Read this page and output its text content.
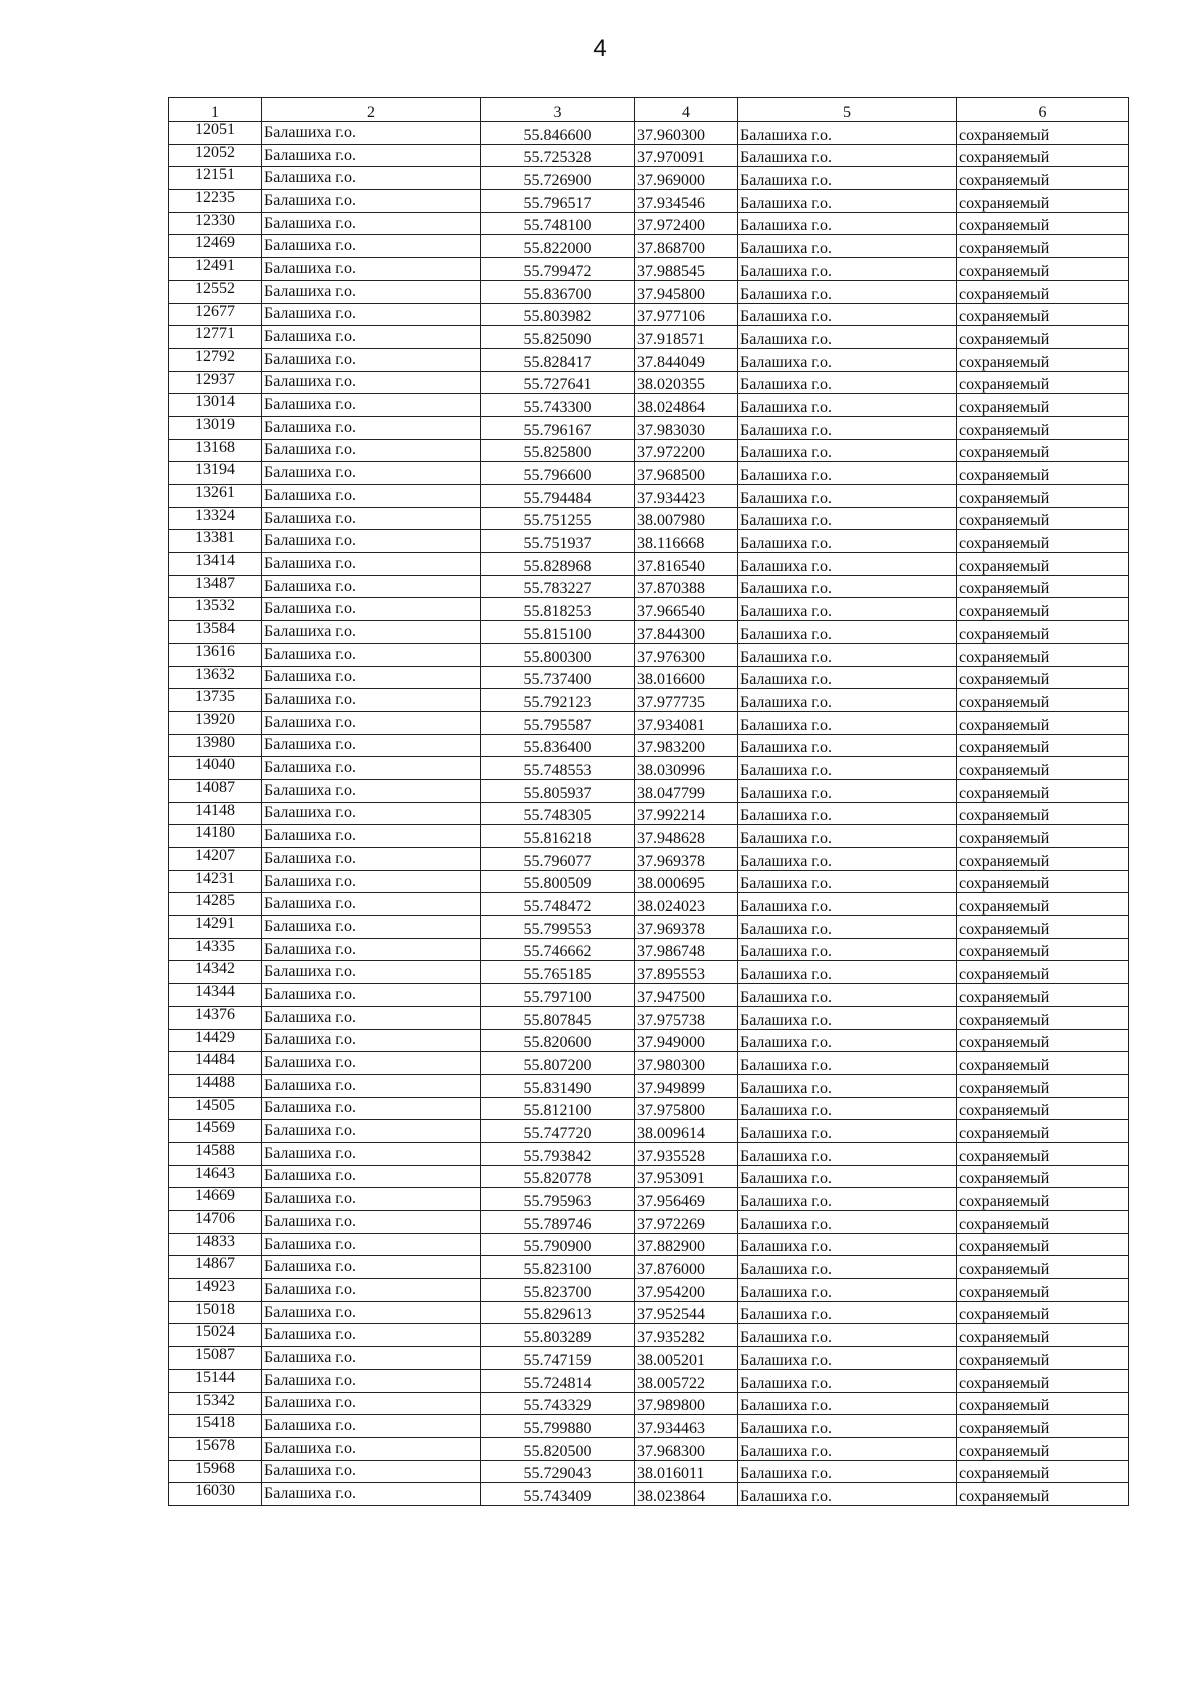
4
1	2	3	4	5	6
12051	Балашиха г.о.	55.846600	37.960300	Балашиха г.о.	сохраняемый
12052	Балашиха г.о.	55.725328	37.970091	Балашиха г.о.	сохраняемый
12151	Балашиха г.о.	55.726900	37.969000	Балашиха г.о.	сохраняемый
12235	Балашиха г.о.	55.796517	37.934546	Балашиха г.о.	сохраняемый
12330	Балашиха г.о.	55.748100	37.972400	Балашиха г.о.	сохраняемый
12469	Балашиха г.о.	55.822000	37.868700	Балашиха г.о.	сохраняемый
12491	Балашиха г.о.	55.799472	37.988545	Балашиха г.о.	сохраняемый
12552	Балашиха г.о.	55.836700	37.945800	Балашиха г.о.	сохраняемый
12677	Балашиха г.о.	55.803982	37.977106	Балашиха г.о.	сохраняемый
12771	Балашиха г.о.	55.825090	37.918571	Балашиха г.о.	сохраняемый
12792	Балашиха г.о.	55.828417	37.844049	Балашиха г.о.	сохраняемый
12937	Балашиха г.о.	55.727641	38.020355	Балашиха г.о.	сохраняемый
13014	Балашиха г.о.	55.743300	38.024864	Балашиха г.о.	сохраняемый
13019	Балашиха г.о.	55.796167	37.983030	Балашиха г.о.	сохраняемый
13168	Балашиха г.о.	55.825800	37.972200	Балашиха г.о.	сохраняемый
13194	Балашиха г.о.	55.796600	37.968500	Балашиха г.о.	сохраняемый
13261	Балашиха г.о.	55.794484	37.934423	Балашиха г.о.	сохраняемый
13324	Балашиха г.о.	55.751255	38.007980	Балашиха г.о.	сохраняемый
13381	Балашиха г.о.	55.751937	38.116668	Балашиха г.о.	сохраняемый
13414	Балашиха г.о.	55.828968	37.816540	Балашиха г.о.	сохраняемый
13487	Балашиха г.о.	55.783227	37.870388	Балашиха г.о.	сохраняемый
13532	Балашиха г.о.	55.818253	37.966540	Балашиха г.о.	сохраняемый
13584	Балашиха г.о.	55.815100	37.844300	Балашиха г.о.	сохраняемый
13616	Балашиха г.о.	55.800300	37.976300	Балашиха г.о.	сохраняемый
13632	Балашиха г.о.	55.737400	38.016600	Балашиха г.о.	сохраняемый
13735	Балашиха г.о.	55.792123	37.977735	Балашиха г.о.	сохраняемый
13920	Балашиха г.о.	55.795587	37.934081	Балашиха г.о.	сохраняемый
13980	Балашиха г.о.	55.836400	37.983200	Балашиха г.о.	сохраняемый
14040	Балашиха г.о.	55.748553	38.030996	Балашиха г.о.	сохраняемый
14087	Балашиха г.о.	55.805937	38.047799	Балашиха г.о.	сохраняемый
14148	Балашиха г.о.	55.748305	37.992214	Балашиха г.о.	сохраняемый
14180	Балашиха г.о.	55.816218	37.948628	Балашиха г.о.	сохраняемый
14207	Балашиха г.о.	55.796077	37.969378	Балашиха г.о.	сохраняемый
14231	Балашиха г.о.	55.800509	38.000695	Балашиха г.о.	сохраняемый
14285	Балашиха г.о.	55.748472	38.024023	Балашиха г.о.	сохраняемый
14291	Балашиха г.о.	55.799553	37.969378	Балашиха г.о.	сохраняемый
14335	Балашиха г.о.	55.746662	37.986748	Балашиха г.о.	сохраняемый
14342	Балашиха г.о.	55.765185	37.895553	Балашиха г.о.	сохраняемый
14344	Балашиха г.о.	55.797100	37.947500	Балашиха г.о.	сохраняемый
14376	Балашиха г.о.	55.807845	37.975738	Балашиха г.о.	сохраняемый
14429	Балашиха г.о.	55.820600	37.949000	Балашиха г.о.	сохраняемый
14484	Балашиха г.о.	55.807200	37.980300	Балашиха г.о.	сохраняемый
14488	Балашиха г.о.	55.831490	37.949899	Балашиха г.о.	сохраняемый
14505	Балашиха г.о.	55.812100	37.975800	Балашиха г.о.	сохраняемый
14569	Балашиха г.о.	55.747720	38.009614	Балашиха г.о.	сохраняемый
14588	Балашиха г.о.	55.793842	37.935528	Балашиха г.о.	сохраняемый
14643	Балашиха г.о.	55.820778	37.953091	Балашиха г.о.	сохраняемый
14669	Балашиха г.о.	55.795963	37.956469	Балашиха г.о.	сохраняемый
14706	Балашиха г.о.	55.789746	37.972269	Балашиха г.о.	сохраняемый
14833	Балашиха г.о.	55.790900	37.882900	Балашиха г.о.	сохраняемый
14867	Балашиха г.о.	55.823100	37.876000	Балашиха г.о.	сохраняемый
14923	Балашиха г.о.	55.823700	37.954200	Балашиха г.о.	сохраняемый
15018	Балашиха г.о.	55.829613	37.952544	Балашиха г.о.	сохраняемый
15024	Балашиха г.о.	55.803289	37.935282	Балашиха г.о.	сохраняемый
15087	Балашиха г.о.	55.747159	38.005201	Балашиха г.о.	сохраняемый
15144	Балашиха г.о.	55.724814	38.005722	Балашиха г.о.	сохраняемый
15342	Балашиха г.о.	55.743329	37.989800	Балашиха г.о.	сохраняемый
15418	Балашиха г.о.	55.799880	37.934463	Балашиха г.о.	сохраняемый
15678	Балашиха г.о.	55.820500	37.968300	Балашиха г.о.	сохраняемый
15968	Балашиха г.о.	55.729043	38.016011	Балашиха г.о.	сохраняемый
16030	Балашиха г.о.	55.743409	38.023864	Балашиха г.о.	сохраняемый
